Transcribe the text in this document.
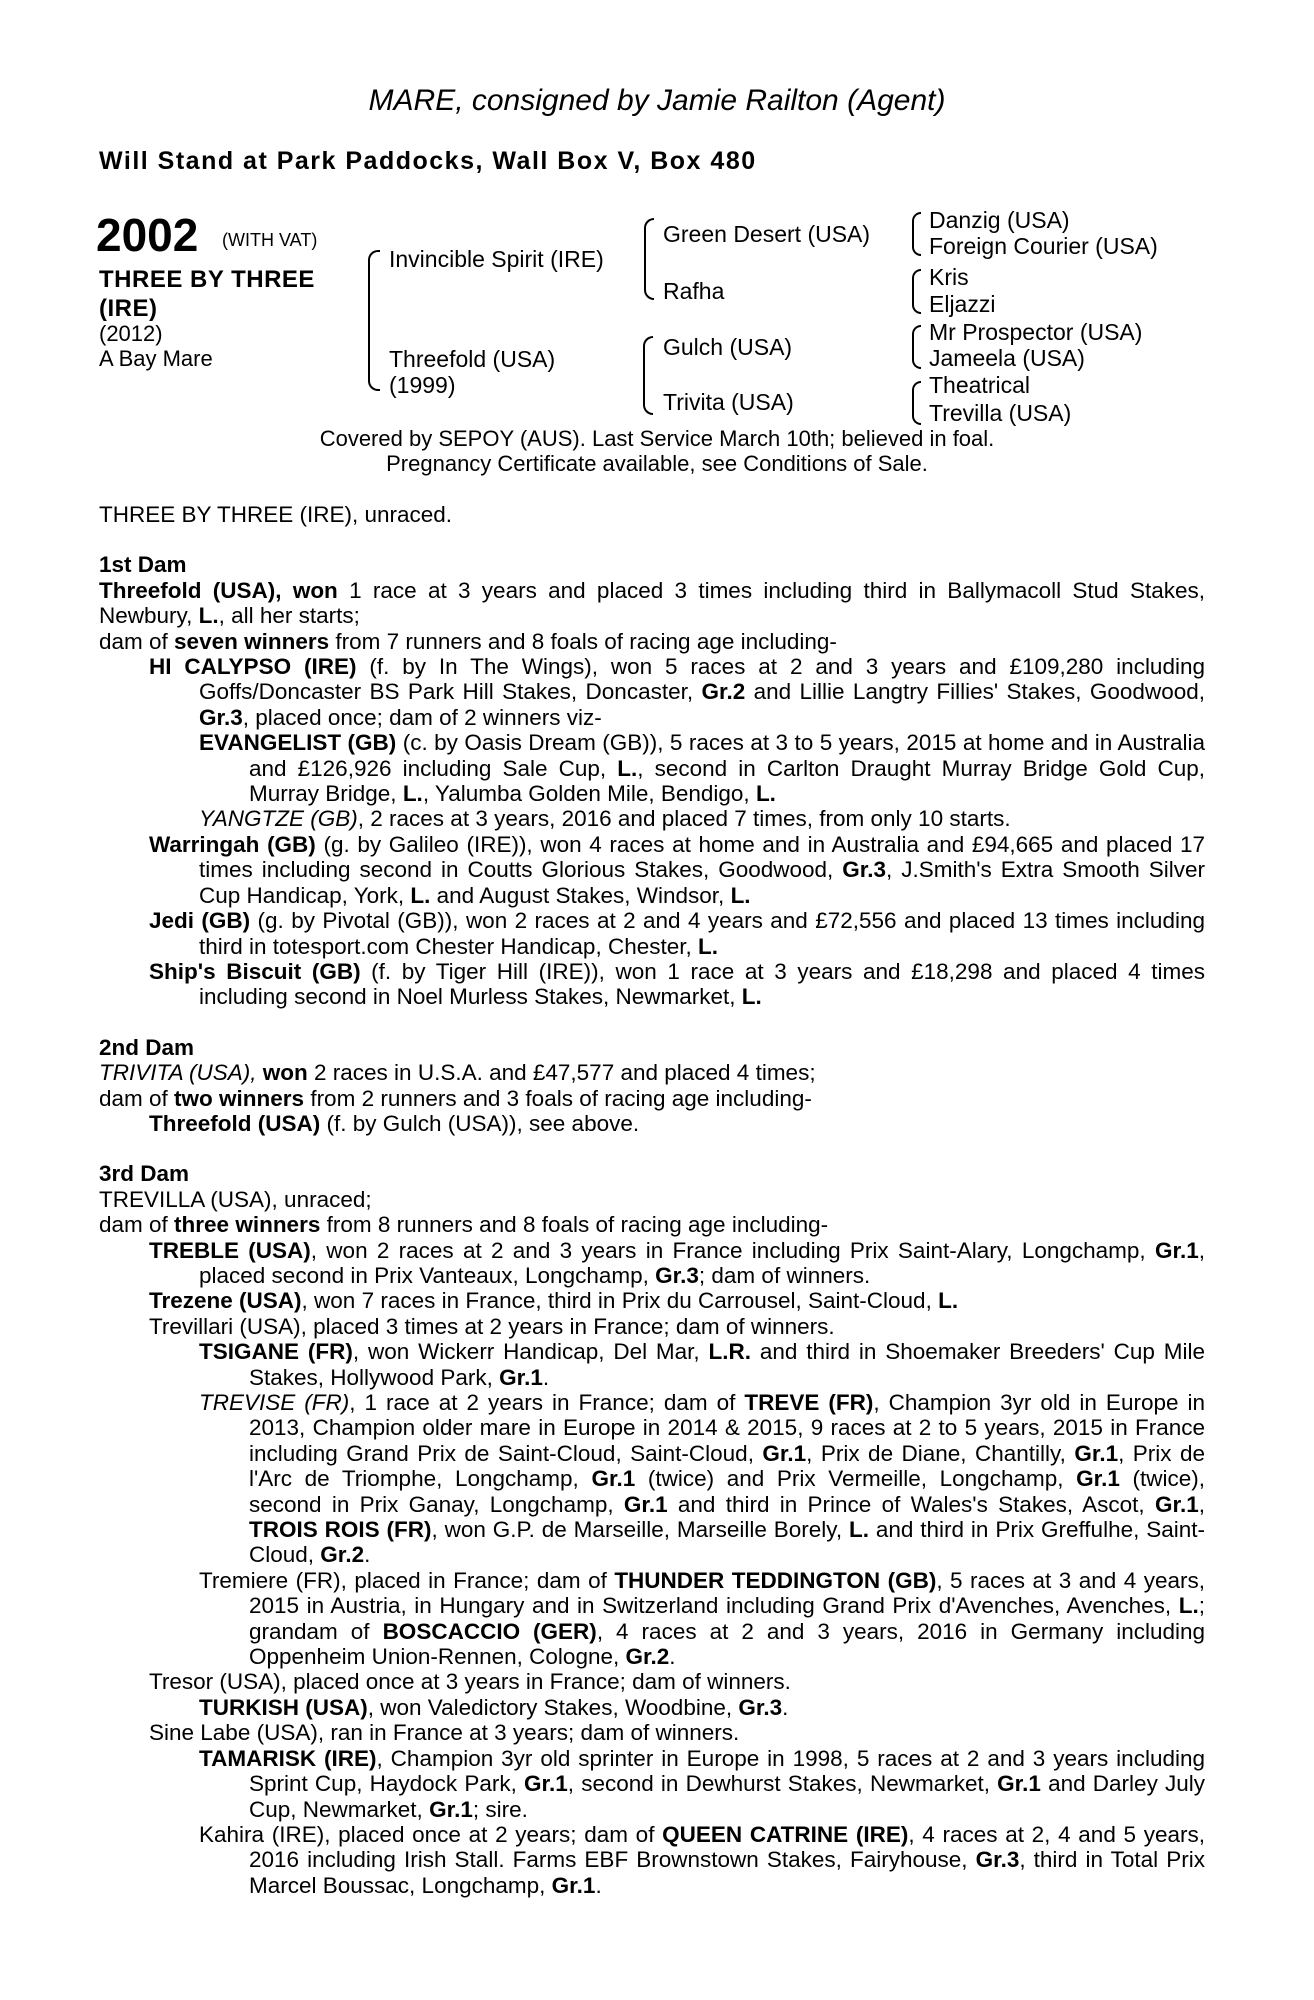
MARE, consigned by Jamie Railton (Agent)
Will Stand at Park Paddocks, Wall Box V, Box 480
2002 (WITH VAT)
THREE BY THREE
(IRE)
(2012)
A Bay Mare
Invincible Spirit (IRE)
Threefold (USA)
(1999)
Green Desert (USA)
Rafha
Gulch (USA)
Trivita (USA)
Danzig (USA)
Foreign Courier (USA)
Kris
Eljazzi
Mr Prospector (USA)
Jameela (USA)
Theatrical
Trevilla (USA)
Covered by SEPOY (AUS). Last Service March 10th; believed in foal.
Pregnancy Certificate available, see Conditions of Sale.

THREE BY THREE (IRE), unraced.

1st Dam

Threefold (USA), won 1 race at 3 years and placed 3 times including third in Ballymacoll Stud Stakes, Newbury, L., all her starts;

dam of seven winners from 7 runners and 8 foals of racing age including-

HI CALYPSO (IRE) (f. by In The Wings), won 5 races at 2 and 3 years and £109,280 including Goffs/Doncaster BS Park Hill Stakes, Doncaster, Gr.2 and Lillie Langtry Fillies' Stakes, Goodwood, Gr.3, placed once; dam of 2 winners viz-

EVANGELIST (GB) (c. by Oasis Dream (GB)), 5 races at 3 to 5 years, 2015 at home and in Australia and £126,926 including Sale Cup, L., second in Carlton Draught Murray Bridge Gold Cup, Murray Bridge, L., Yalumba Golden Mile, Bendigo, L.

YANGTZE (GB), 2 races at 3 years, 2016 and placed 7 times, from only 10 starts.

Warringah (GB) (g. by Galileo (IRE)), won 4 races at home and in Australia and £94,665 and placed 17 times including second in Coutts Glorious Stakes, Goodwood, Gr.3, J.Smith's Extra Smooth Silver Cup Handicap, York, L. and August Stakes, Windsor, L.

Jedi (GB) (g. by Pivotal (GB)), won 2 races at 2 and 4 years and £72,556 and placed 13 times including third in totesport.com Chester Handicap, Chester, L.

Ship's Biscuit (GB) (f. by Tiger Hill (IRE)), won 1 race at 3 years and £18,298 and placed 4 times including second in Noel Murless Stakes, Newmarket, L.

2nd Dam

TRIVITA (USA), won 2 races in U.S.A. and £47,577 and placed 4 times;

dam of two winners from 2 runners and 3 foals of racing age including-

Threefold (USA) (f. by Gulch (USA)), see above.

3rd Dam

TREVILLA (USA), unraced;

dam of three winners from 8 runners and 8 foals of racing age including-

TREBLE (USA), won 2 races at 2 and 3 years in France including Prix Saint-Alary, Longchamp, Gr.1, placed second in Prix Vanteaux, Longchamp, Gr.3; dam of winners.

Trezene (USA), won 7 races in France, third in Prix du Carrousel, Saint-Cloud, L.

Trevillari (USA), placed 3 times at 2 years in France; dam of winners.

TSIGANE (FR), won Wickerr Handicap, Del Mar, L.R. and third in Shoemaker Breeders' Cup Mile Stakes, Hollywood Park, Gr.1.

TREVISE (FR), 1 race at 2 years in France; dam of TREVE (FR), Champion 3yr old in Europe in 2013, Champion older mare in Europe in 2014 & 2015, 9 races at 2 to 5 years, 2015 in France including Grand Prix de Saint-Cloud, Saint-Cloud, Gr.1, Prix de Diane, Chantilly, Gr.1, Prix de l'Arc de Triomphe, Longchamp, Gr.1 (twice) and Prix Vermeille, Longchamp, Gr.1 (twice), second in Prix Ganay, Longchamp, Gr.1 and third in Prince of Wales's Stakes, Ascot, Gr.1, TROIS ROIS (FR), won G.P. de Marseille, Marseille Borely, L. and third in Prix Greffulhe, Saint-Cloud, Gr.2.

Tremiere (FR), placed in France; dam of THUNDER TEDDINGTON (GB), 5 races at 3 and 4 years, 2015 in Austria, in Hungary and in Switzerland including Grand Prix d'Avenches, Avenches, L.; grandam of BOSCACCIO (GER), 4 races at 2 and 3 years, 2016 in Germany including Oppenheim Union-Rennen, Cologne, Gr.2.

Tresor (USA), placed once at 3 years in France; dam of winners.

TURKISH (USA), won Valedictory Stakes, Woodbine, Gr.3.

Sine Labe (USA), ran in France at 3 years; dam of winners.

TAMARISK (IRE), Champion 3yr old sprinter in Europe in 1998, 5 races at 2 and 3 years including Sprint Cup, Haydock Park, Gr.1, second in Dewhurst Stakes, Newmarket, Gr.1 and Darley July Cup, Newmarket, Gr.1; sire.

Kahira (IRE), placed once at 2 years; dam of QUEEN CATRINE (IRE), 4 races at 2, 4 and 5 years, 2016 including Irish Stall. Farms EBF Brownstown Stakes, Fairyhouse, Gr.3, third in Total Prix Marcel Boussac, Longchamp, Gr.1.
